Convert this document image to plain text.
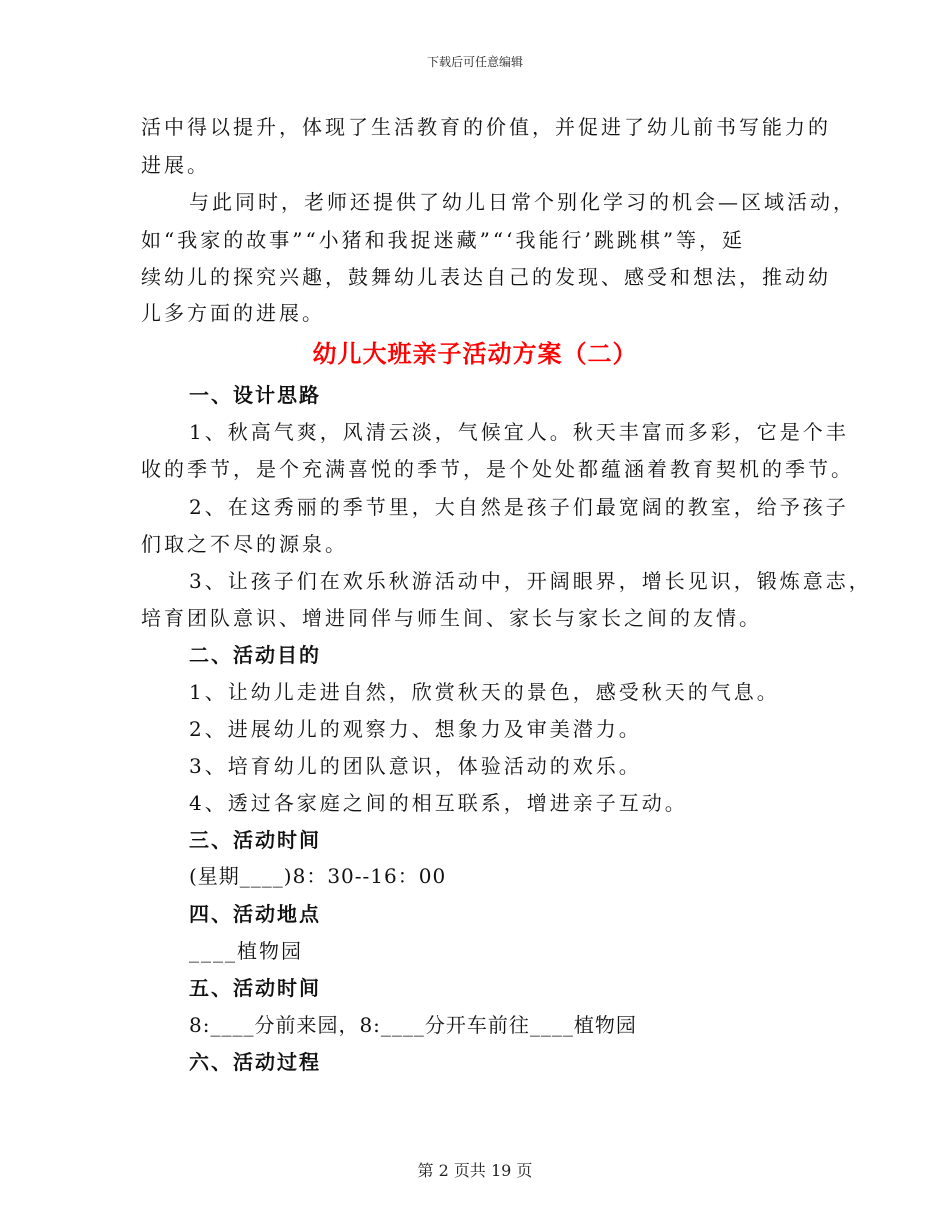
下载后可任意编辑
活中得以提升，体现了生活教育的价值，并促进了幼儿前书写能力的
进展。
与此同时，老师还提供了幼儿日常个别化学习的机会—区域活动，
如“我家的故事”“小猪和我捉迷藏”“‘我能行’跳跳棋”等，延
续幼儿的探究兴趣，鼓舞幼儿表达自己的发现、感受和想法，推动幼
儿多方面的进展。
幼儿大班亲子活动方案（二）
一、设计思路
1、秋高气爽，风清云淡，气候宜人。秋天丰富而多彩，它是个丰
收的季节，是个充满喜悦的季节，是个处处都蕴涵着教育契机的季节。
2、在这秀丽的季节里，大自然是孩子们最宽阔的教室，给予孩子
们取之不尽的源泉。
3、让孩子们在欢乐秋游活动中，开阔眼界，增长见识，锻炼意志，
培育团队意识、增进同伴与师生间、家长与家长之间的友情。
二、活动目的
1、让幼儿走进自然，欣赏秋天的景色，感受秋天的气息。
2、进展幼儿的观察力、想象力及审美潜力。
3、培育幼儿的团队意识，体验活动的欢乐。
4、透过各家庭之间的相互联系，增进亲子互动。
三、活动时间
(星期____)8：30--16：00
四、活动地点
____植物园
五、活动时间
8:____分前来园，8:____分开车前往____植物园
六、活动过程
第 2 页共 19 页
